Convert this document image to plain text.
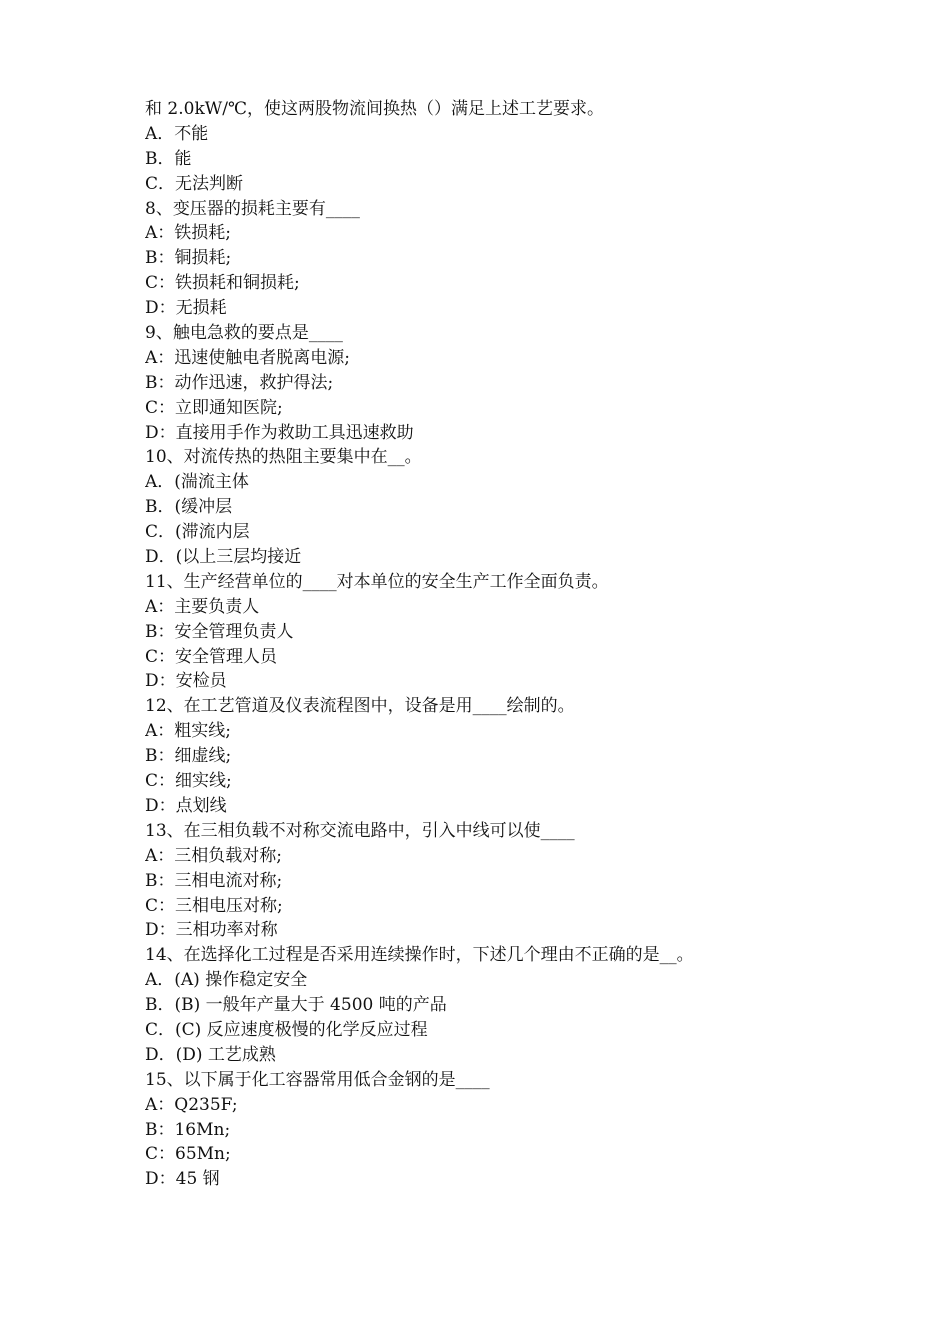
和 2.0kW/℃，使这两股物流间换热（）满足上述工艺要求。
A．不能
B．能
C．无法判断
8、变压器的损耗主要有____
A：铁损耗;
B：铜损耗;
C：铁损耗和铜损耗;
D：无损耗
9、触电急救的要点是____
A：迅速使触电者脱离电源;
B：动作迅速，救护得法;
C：立即通知医院;
D：直接用手作为救助工具迅速救助
10、对流传热的热阻主要集中在__。
A．(湍流主体
B．(缓冲层
C．(滞流内层
D．(以上三层均接近
11、生产经营单位的____对本单位的安全生产工作全面负责。
A：主要负责人
B：安全管理负责人
C：安全管理人员
D：安检员
12、在工艺管道及仪表流程图中，设备是用____绘制的。
A：粗实线;
B：细虚线;
C：细实线;
D：点划线
13、在三相负载不对称交流电路中，引入中线可以使____
A：三相负载对称;
B：三相电流对称;
C：三相电压对称;
D：三相功率对称
14、在选择化工过程是否采用连续操作时，下述几个理由不正确的是__。
A．(A) 操作稳定安全
B．(B) 一般年产量大于 4500 吨的产品
C．(C) 反应速度极慢的化学反应过程
D．(D) 工艺成熟
15、以下属于化工容器常用低合金钢的是____
A：Q235F;
B：16Mn;
C：65Mn;
D：45 钢
